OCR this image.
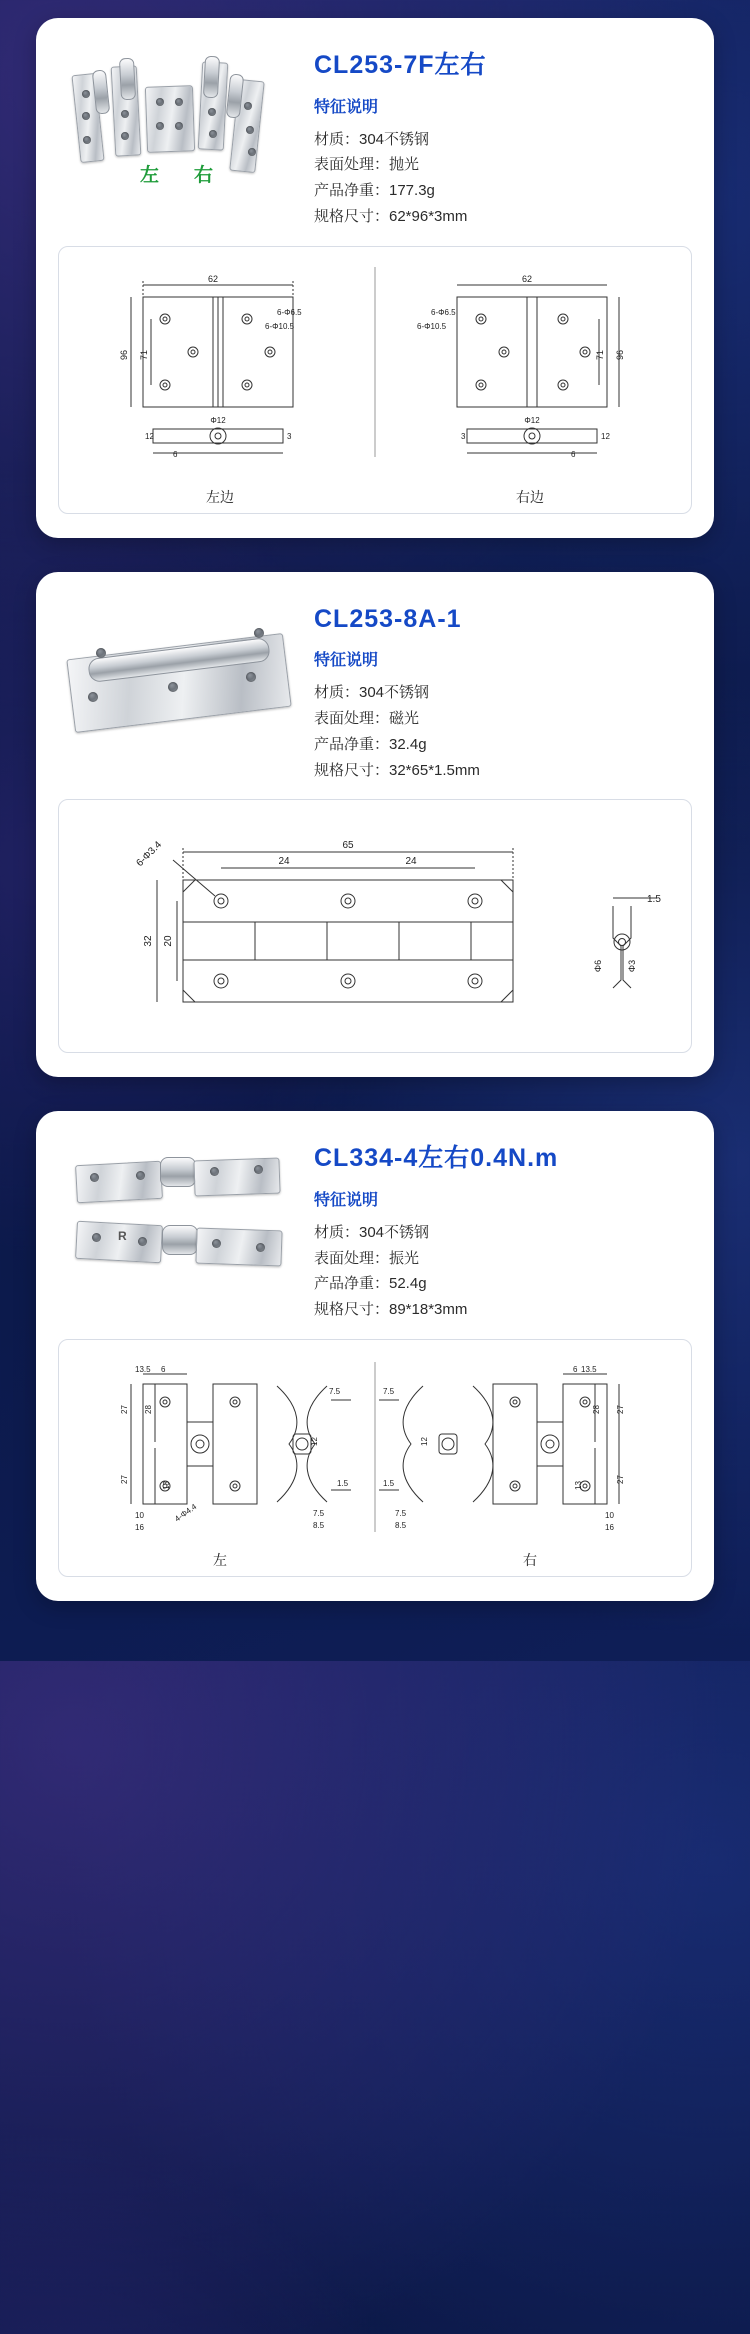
左 右
CL253-7F左右
特征说明
材质：304不锈钢
表面处理：抛光
产品净重：177.3g
规格尺寸：62*96*3mm
62	62
96	96
71	71
6-Φ6.5
6-Φ10.5
6-Φ6.5
6-Φ10.5
Φ12	Φ12
12
6
3	3
6
12
左边	右边
CL253-8A-1
特征说明
材质：304不锈钢
表面处理：磁光
产品净重：32.4g
规格尺寸：32*65*1.5mm
65
24	24
32 20
6-Φ3.4
1.5
Φ6	Φ3
R
CL334-4左右0.4N.m
特征说明
材质：304不锈钢
表面处理：振光
产品净重：52.4g
规格尺寸：89*18*3mm
13.5 6
27
27
28
13
10
16
4-Φ4.4
7.5
12
1.5
7.5
8.5
13.5
6
27
27
28
13
10
16
7.5
12
1.5
7.5
8.5
左	右
